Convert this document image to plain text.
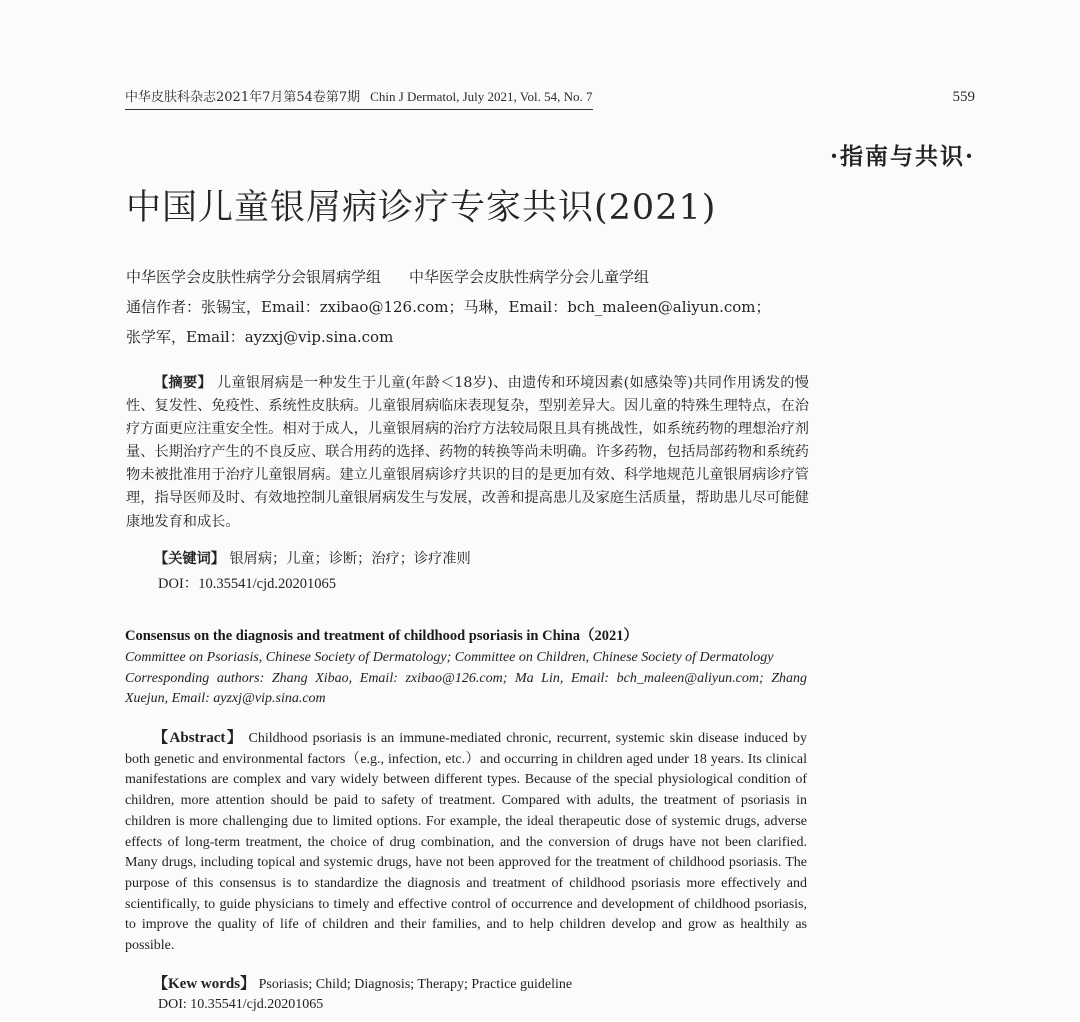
中华皮肤科杂志2021年7月第54卷第7期 Chin J Dermatol, July 2021, Vol. 54, No. 7	559
·指南与共识·
中国儿童银屑病诊疗专家共识(2021)
中华医学会皮肤性病学分会银屑病学组 中华医学会皮肤性病学分会儿童学组
通信作者：张锡宝，Email：zxibao@126.com；马琳，Email：bch_maleen@aliyun.com；
张学军，Email：ayzxj@vip.sina.com
【摘要】 儿童银屑病是一种发生于儿童(年龄＜18岁)、由遗传和环境因素(如感染等)共同作用诱发的慢性、复发性、免疫性、系统性皮肤病。儿童银屑病临床表现复杂，型别差异大。因儿童的特殊生理特点，在治疗方面更应注重安全性。相对于成人，儿童银屑病的治疗方法较局限且具有挑战性，如系统药物的理想治疗剂量、长期治疗产生的不良反应、联合用药的选择、药物的转换等尚未明确。许多药物，包括局部药物和系统药物未被批准用于治疗儿童银屑病。建立儿童银屑病诊疗共识的目的是更加有效、科学地规范儿童银屑病诊疗管理，指导医师及时、有效地控制儿童银屑病发生与发展，改善和提高患儿及家庭生活质量，帮助患儿尽可能健康地发育和成长。
【关键词】 银屑病；儿童；诊断；治疗；诊疗准则
DOI：10.35541/cjd.20201065
Consensus on the diagnosis and treatment of childhood psoriasis in China（2021）
Committee on Psoriasis, Chinese Society of Dermatology; Committee on Children, Chinese Society of Dermatology
Corresponding authors: Zhang Xibao, Email: zxibao@126.com; Ma Lin, Email: bch_maleen@aliyun.com; Zhang Xuejun, Email: ayzxj@vip.sina.com
【Abstract】 Childhood psoriasis is an immune-mediated chronic, recurrent, systemic skin disease induced by both genetic and environmental factors（e.g., infection, etc.）and occurring in children aged under 18 years. Its clinical manifestations are complex and vary widely between different types. Because of the special physiological condition of children, more attention should be paid to safety of treatment. Compared with adults, the treatment of psoriasis in children is more challenging due to limited options. For example, the ideal therapeutic dose of systemic drugs, adverse effects of long-term treatment, the choice of drug combination, and the conversion of drugs have not been clarified. Many drugs, including topical and systemic drugs, have not been approved for the treatment of childhood psoriasis. The purpose of this consensus is to standardize the diagnosis and treatment of childhood psoriasis more effectively and scientifically, to guide physicians to timely and effective control of occurrence and development of childhood psoriasis, to improve the quality of life of children and their families, and to help children develop and grow as healthily as possible.
【Kew words】 Psoriasis; Child; Diagnosis; Therapy; Practice guideline
DOI: 10.35541/cjd.20201065
